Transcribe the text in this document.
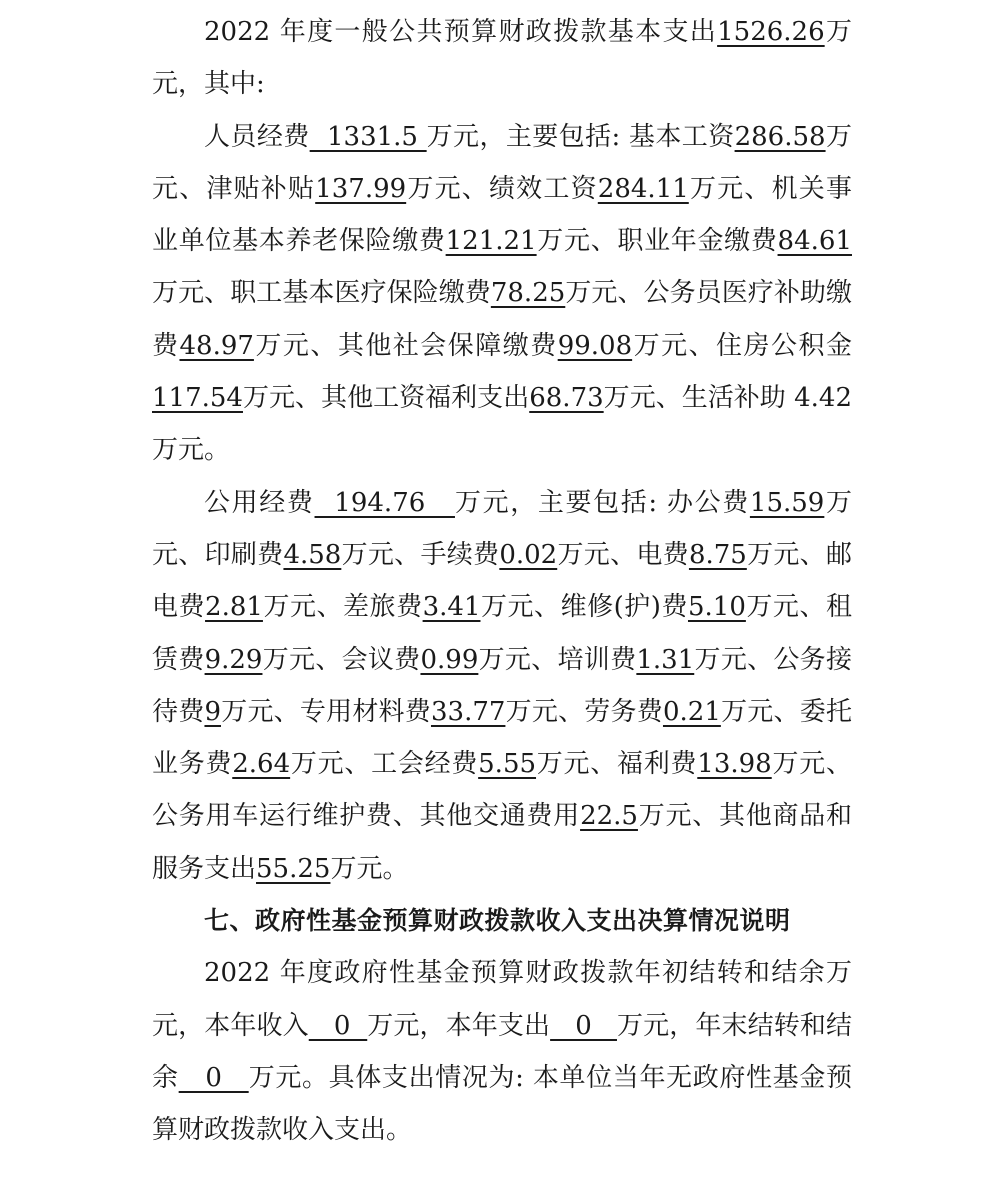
2022 年度一般公共预算财政拨款基本支出1526.26万元，其中:

人员经费  1331.5 万元，主要包括: 基本工资286.58万元、津贴补贴137.99万元、绩效工资284.11万元、机关事业单位基本养老保险缴费121.21万元、职业年金缴费84.61万元、职工基本医疗保险缴费78.25万元、公务员医疗补助缴费48.97万元、其他社会保障缴费99.08万元、住房公积金117.54万元、其他工资福利支出68.73万元、生活补助 4.42 万元。

公用经费  194.76   万元，主要包括: 办公费15.59万元、印刷费4.58万元、手续费0.02万元、电费8.75万元、邮电费2.81万元、差旅费3.41万元、维修(护)费5.10万元、租赁费9.29万元、会议费0.99万元、培训费1.31万元、公务接待费9万元、专用材料费33.77万元、劳务费0.21万元、委托业务费2.64万元、工会经费5.55万元、福利费13.98万元、公务用车运行维护费、其他交通费用22.5万元、其他商品和服务支出55.25万元。

七、政府性基金预算财政拨款收入支出决算情况说明

2022 年度政府性基金预算财政拨款年初结转和结余万元，本年收入   0  万元，本年支出   0   万元，年末结转和结余   0   万元。具体支出情况为: 本单位当年无政府性基金预算财政拨款收入支出。
